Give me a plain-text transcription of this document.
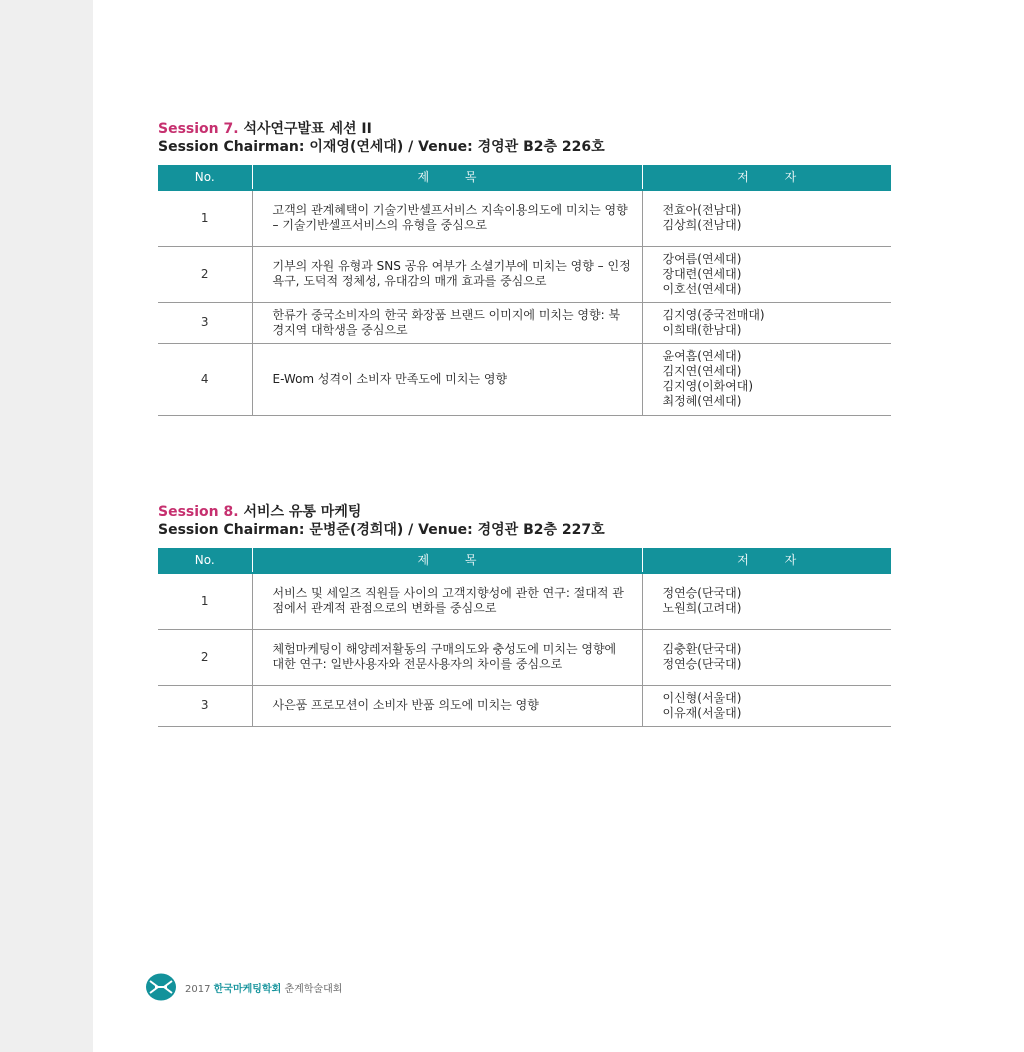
Session 7. 석사연구발표 세션 II
Session Chairman: 이재영(연세대) / Venue: 경영관 B2층 226호
No.	제 목	저 자
1	고객의 관계혜택이 기술기반셀프서비스 지속이용의도에 미치는 영향 – 기술기반셀프서비스의 유형을 중심으로	전효아(전남대)
김상희(전남대)

2	기부의 자원 유형과 SNS 공유 여부가 소셜기부에 미치는 영향 – 인정욕구, 도덕적 정체성, 유대감의 매개 효과를 중심으로	강여름(연세대)
장대련(연세대)
이호선(연세대)

3	한류가 중국소비자의 한국 화장품 브랜드 이미지에 미치는 영향: 북경지역 대학생을 중심으로	김지영(중국전매대)
이희태(한남대)

4	E-Wom 성격이 소비자 만족도에 미치는 영향	윤여흠(연세대)
김지연(연세대)
김지영(이화여대)
최정혜(연세대)
Session 8. 서비스 유통 마케팅
Session Chairman: 문병준(경희대) / Venue: 경영관 B2층 227호
No.	제 목	저 자
1	서비스 및 세일즈 직원들 사이의 고객지향성에 관한 연구: 절대적 관점에서 관계적 관점으로의 변화를 중심으로	정연승(단국대)
노원희(고려대)

2	체험마케팅이 해양레저활동의 구매의도와 충성도에 미치는 영향에 대한 연구: 일반사용자와 전문사용자의 차이를 중심으로	김충환(단국대)
정연승(단국대)

3	사은품 프로모션이 소비자 반품 의도에 미치는 영향	이신형(서울대)
이유재(서울대)
2017 한국마케팅학회 춘계학술대회
